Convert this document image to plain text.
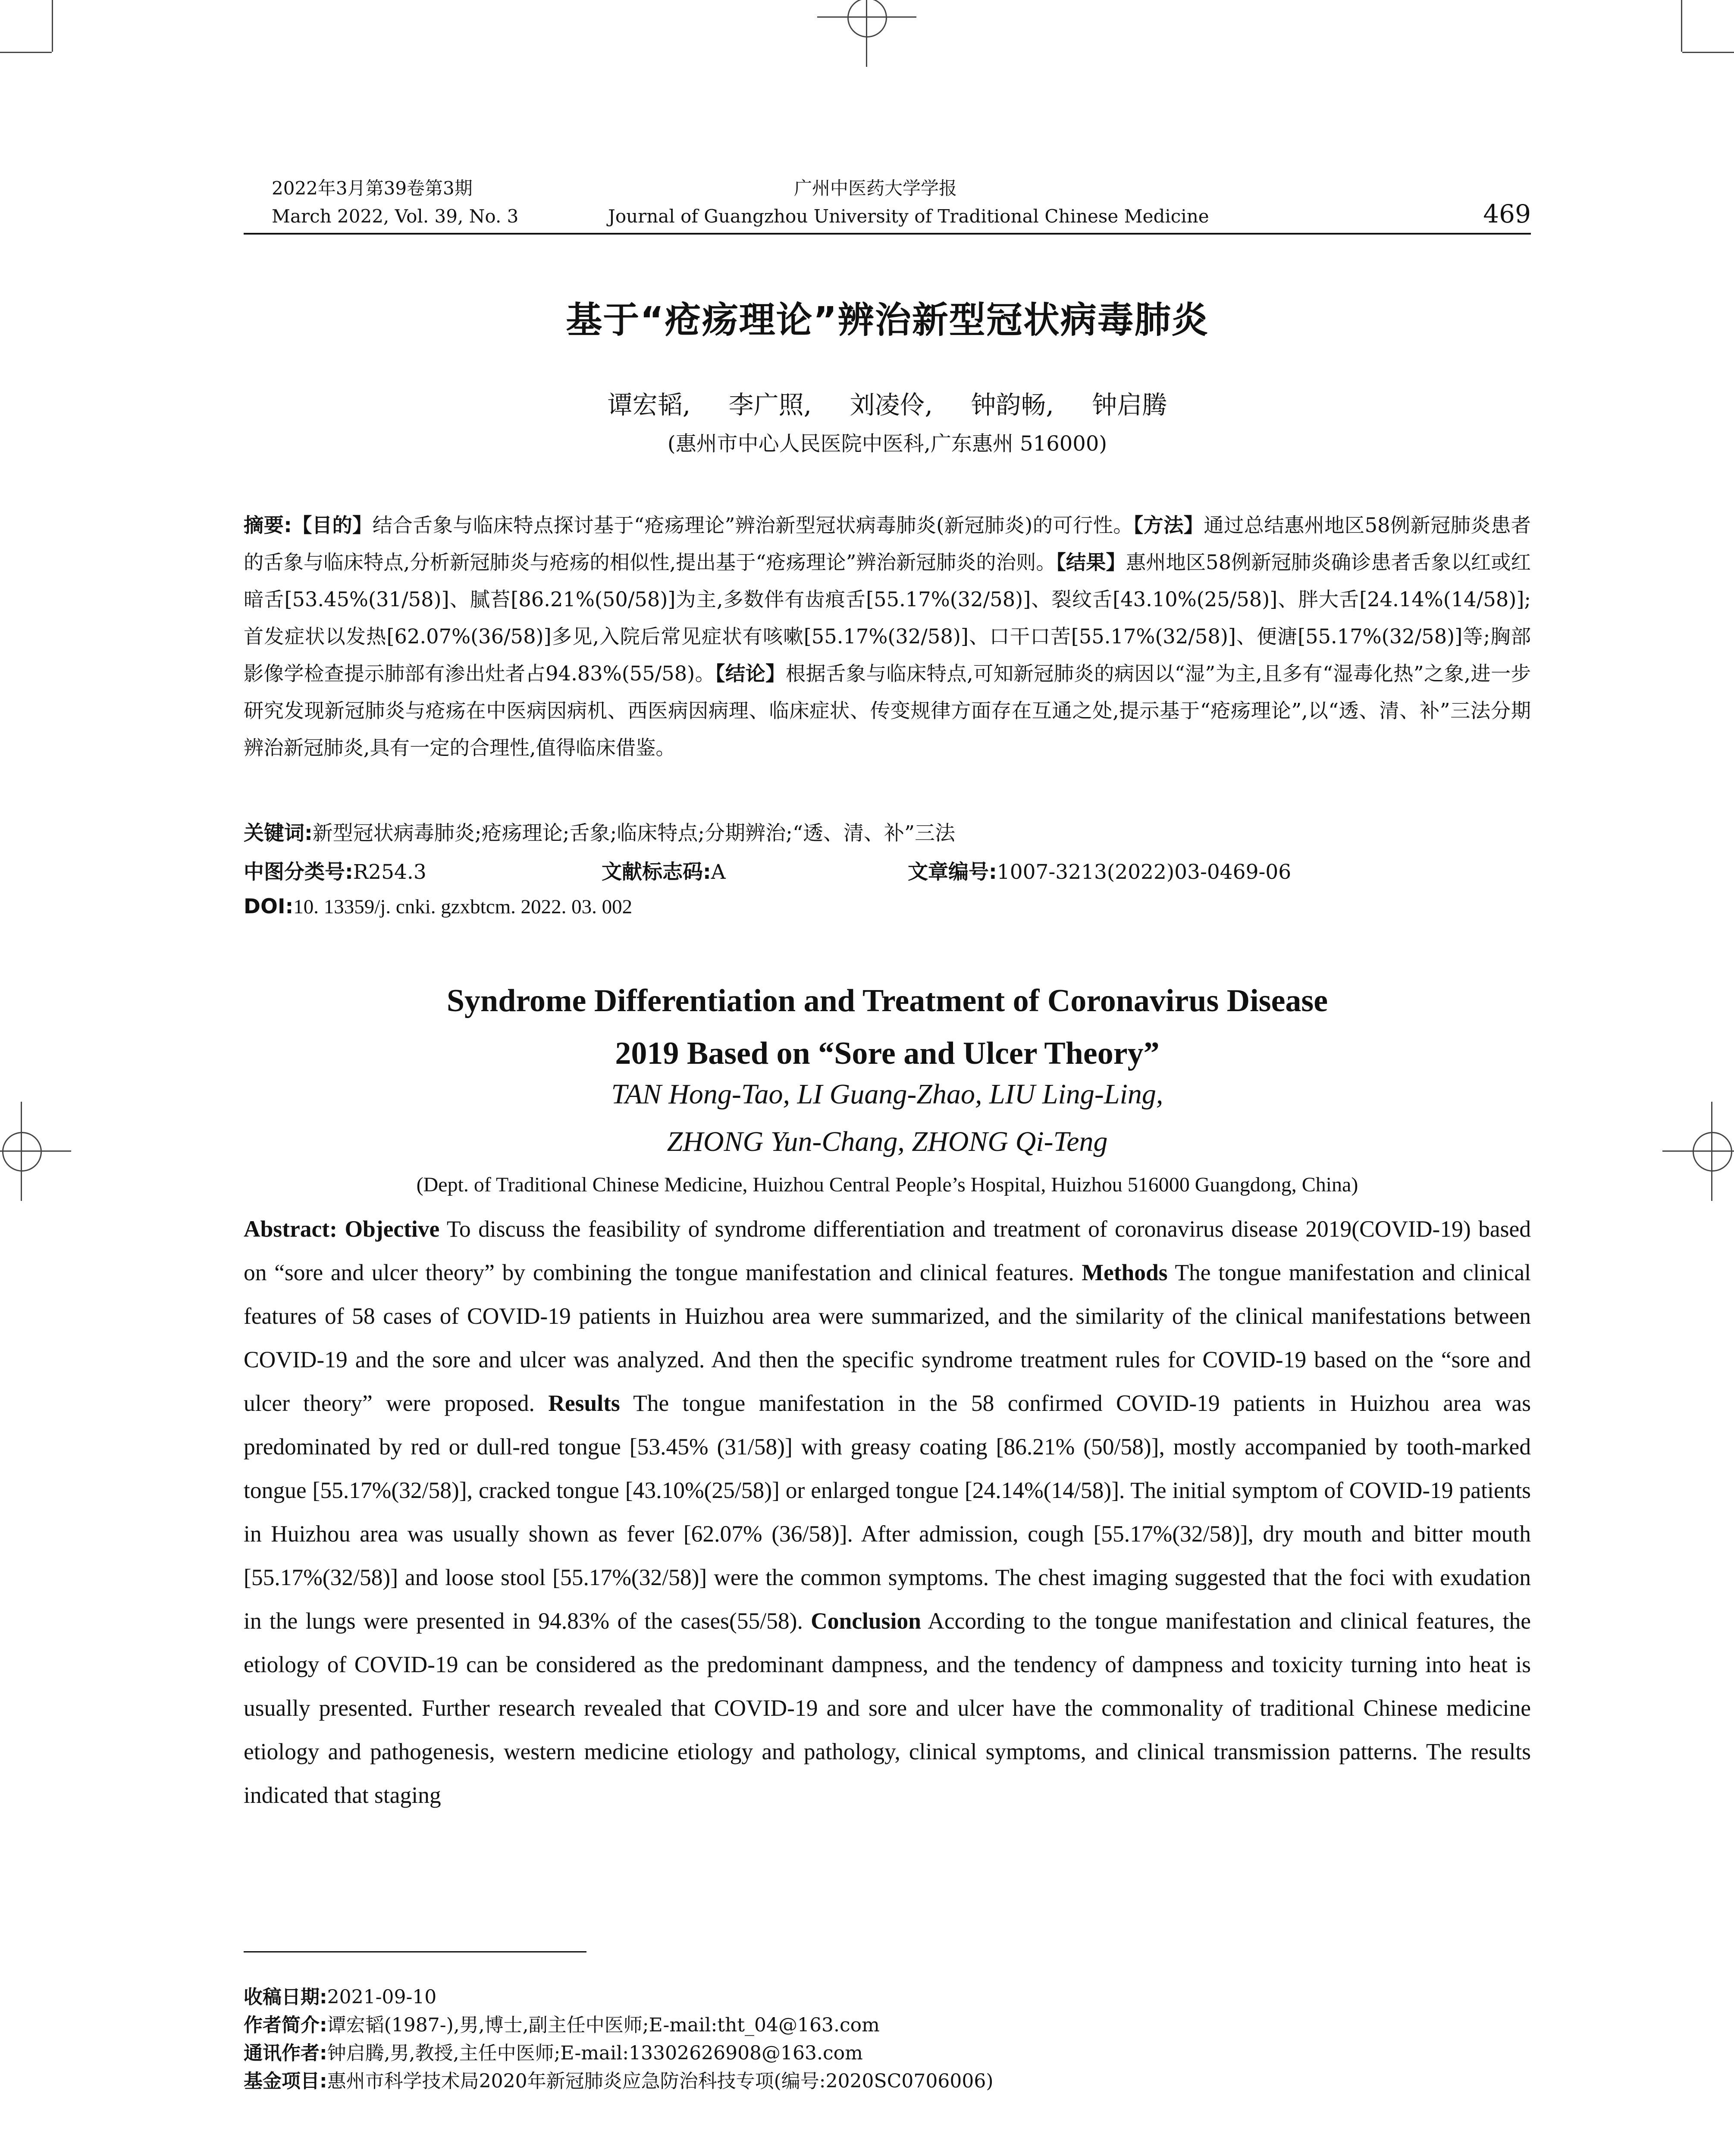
2022年3月第39卷第3期
March 2022, Vol. 39, No. 3
广州中医药大学学报
Journal of Guangzhou University of Traditional Chinese Medicine	469
基于“疮疡理论”辨治新型冠状病毒肺炎
谭宏韬, 李广照, 刘凌伶, 钟韵畅, 钟启腾
(惠州市中心人民医院中医科,广东惠州 516000)
摘要:【目的】结合舌象与临床特点探讨基于“疮疡理论”辨治新型冠状病毒肺炎(新冠肺炎)的可行性。【方法】通过总结惠州地区58例新冠肺炎患者的舌象与临床特点,分析新冠肺炎与疮疡的相似性,提出基于“疮疡理论”辨治新冠肺炎的治则。【结果】惠州地区58例新冠肺炎确诊患者舌象以红或红暗舌[53.45%(31/58)]、腻苔[86.21%(50/58)]为主,多数伴有齿痕舌[55.17%(32/58)]、裂纹舌[43.10%(25/58)]、胖大舌[24.14%(14/58)];首发症状以发热[62.07%(36/58)]多见,入院后常见症状有咳嗽[55.17%(32/58)]、口干口苦[55.17%(32/58)]、便溏[55.17%(32/58)]等;胸部影像学检查提示肺部有渗出灶者占94.83%(55/58)。【结论】根据舌象与临床特点,可知新冠肺炎的病因以“湿”为主,且多有“湿毒化热”之象,进一步研究发现新冠肺炎与疮疡在中医病因病机、西医病因病理、临床症状、传变规律方面存在互通之处,提示基于“疮疡理论”,以“透、清、补”三法分期辨治新冠肺炎,具有一定的合理性,值得临床借鉴。
关键词:新型冠状病毒肺炎;疮疡理论;舌象;临床特点;分期辨治;“透、清、补”三法
中图分类号:R254.3	文献标志码:A	文章编号:1007-3213(2022)03-0469-06
DOI:10. 13359/j. cnki. gzxbtcm. 2022. 03. 002
Syndrome Differentiation and Treatment of Coronavirus Disease
2019 Based on “Sore and Ulcer Theory”
TAN Hong-Tao, LI Guang-Zhao, LIU Ling-Ling,
ZHONG Yun-Chang, ZHONG Qi-Teng
(Dept. of Traditional Chinese Medicine, Huizhou Central People’s Hospital, Huizhou 516000 Guangdong, China)
Abstract: Objective To discuss the feasibility of syndrome differentiation and treatment of coronavirus disease 2019(COVID-19) based on “sore and ulcer theory” by combining the tongue manifestation and clinical features. Methods The tongue manifestation and clinical features of 58 cases of COVID-19 patients in Huizhou area were summarized, and the similarity of the clinical manifestations between COVID-19 and the sore and ulcer was analyzed. And then the specific syndrome treatment rules for COVID-19 based on the “sore and ulcer theory” were proposed. Results The tongue manifestation in the 58 confirmed COVID-19 patients in Huizhou area was predominated by red or dull-red tongue [53.45% (31/58)] with greasy coating [86.21% (50/58)], mostly accompanied by tooth-marked tongue [55.17%(32/58)], cracked tongue [43.10%(25/58)] or enlarged tongue [24.14%(14/58)]. The initial symptom of COVID-19 patients in Huizhou area was usually shown as fever [62.07% (36/58)]. After admission, cough [55.17%(32/58)], dry mouth and bitter mouth [55.17%(32/58)] and loose stool [55.17%(32/58)] were the common symptoms. The chest imaging suggested that the foci with exudation in the lungs were presented in 94.83% of the cases(55/58). Conclusion According to the tongue manifestation and clinical features, the etiology of COVID-19 can be considered as the predominant dampness, and the tendency of dampness and toxicity turning into heat is usually presented. Further research revealed that COVID-19 and sore and ulcer have the commonality of traditional Chinese medicine etiology and pathogenesis, western medicine etiology and pathology, clinical symptoms, and clinical transmission patterns. The results indicated that staging
收稿日期:2021-09-10
作者简介:谭宏韬(1987-),男,博士,副主任中医师;E-mail:tht_04@163.com
通讯作者:钟启腾,男,教授,主任中医师;E-mail:13302626908@163.com
基金项目:惠州市科学技术局2020年新冠肺炎应急防治科技专项(编号:2020SC0706006)
